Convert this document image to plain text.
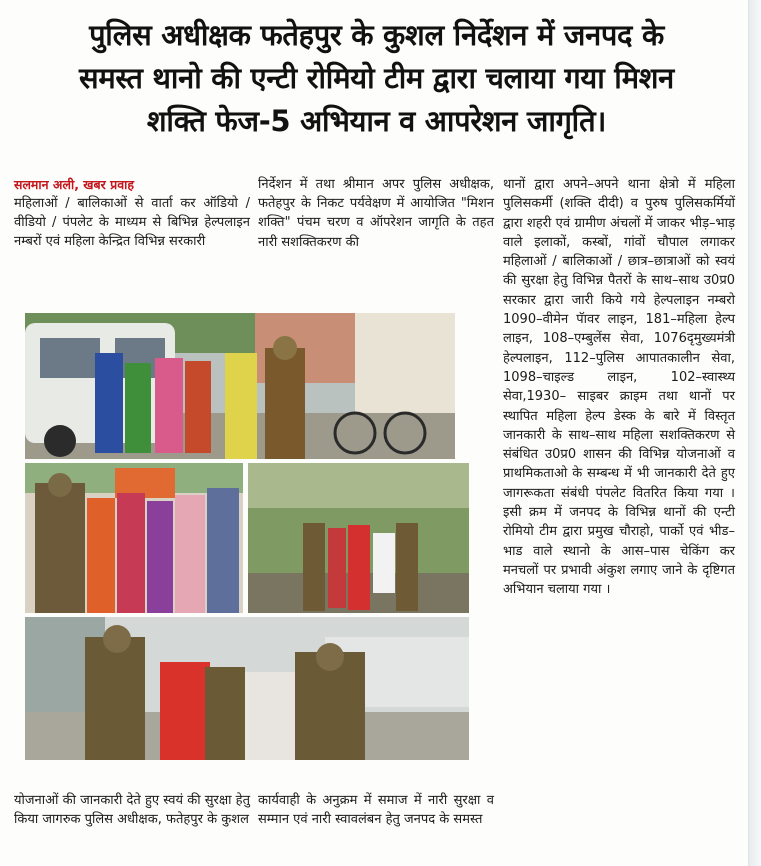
पुलिस अधीक्षक फतेहपुर के कुशल निर्देशन में जनपद के
समस्त थानो की एन्टी रोमियो टीम द्वारा चलाया गया मिशन
शक्ति फेज-5 अभियान व आपरेशन जागृति।

सलमान अली, खबर प्रवाह

महिलाओं / बालिकाओं से वार्ता कर ऑडियो / वीडियो / पंपलेट के माध्यम से बिभिन्न हेल्पलाइन नम्बरों एवं महिला केन्द्रित विभिन्न सरकारी

निर्देशन में तथा श्रीमान अपर पुलिस अधीक्षक, फतेहपुर के निकट पर्यवेक्षण में आयोजित "मिशन शक्ति" पंचम चरण व ऑपरेशन जागृति के तहत नारी सशक्तिकरण की

थानों द्वारा अपने–अपने थाना क्षेत्रो में महिला पुलिसकर्मी (शक्ति दीदी) व पुरुष पुलिसकर्मियों द्वारा शहरी एवं ग्रामीण अंचलों में जाकर भीड़–भाड़ वाले इलाकों, कस्बों, गांवों चौपाल लगाकर महिलाओं / बालिकाओं / छात्र–छात्राओं को स्वयं की सुरक्षा हेतु विभिन्न पैतरों के साथ–साथ उ0प्र0 सरकार द्वारा जारी किये गये हेल्पलाइन नम्बरो 1090–वीमेन पॅावर लाइन, 181–महिला हेल्प लाइन, 108–एम्बुलेंस सेवा, 1076दृमुख्यमंत्री हेल्पलाइन, 112–पुलिस आपातकालीन सेवा, 1098–चाइल्ड लाइन, 102–स्वास्थ्य सेवा,1930– साइबर क्राइम तथा थानों पर स्थापित महिला हेल्प डेस्क के बारे में विस्तृत जानकारी के साथ–साथ महिला सशक्तिकरण से संबंधित उ0प्र0 शासन की विभिन्न योजनाओं व प्राथमिकताओ के सम्बन्ध में भी जानकारी देते हुए जागरूकता संबंधी पंपलेट वितरित किया गया । इसी क्रम में जनपद के विभिन्न थानों की एन्टी रोमियो टीम द्वारा प्रमुख चौराहो, पार्को एवं भीड–भाड वाले स्थानो के आस–पास चेकिंग कर मनचलों पर प्रभावी अंकुश लगाए जाने के दृष्टिगत अभियान चलाया गया ।

योजनाओं की जानकारी देते हुए स्वयं की सुरक्षा हेतु किया जागरुक पुलिस अधीक्षक, फतेहपुर के कुशल

कार्यवाही के अनुक्रम में समाज में नारी सुरक्षा व सम्मान एवं नारी स्वावलंबन हेतु जनपद के समस्त
